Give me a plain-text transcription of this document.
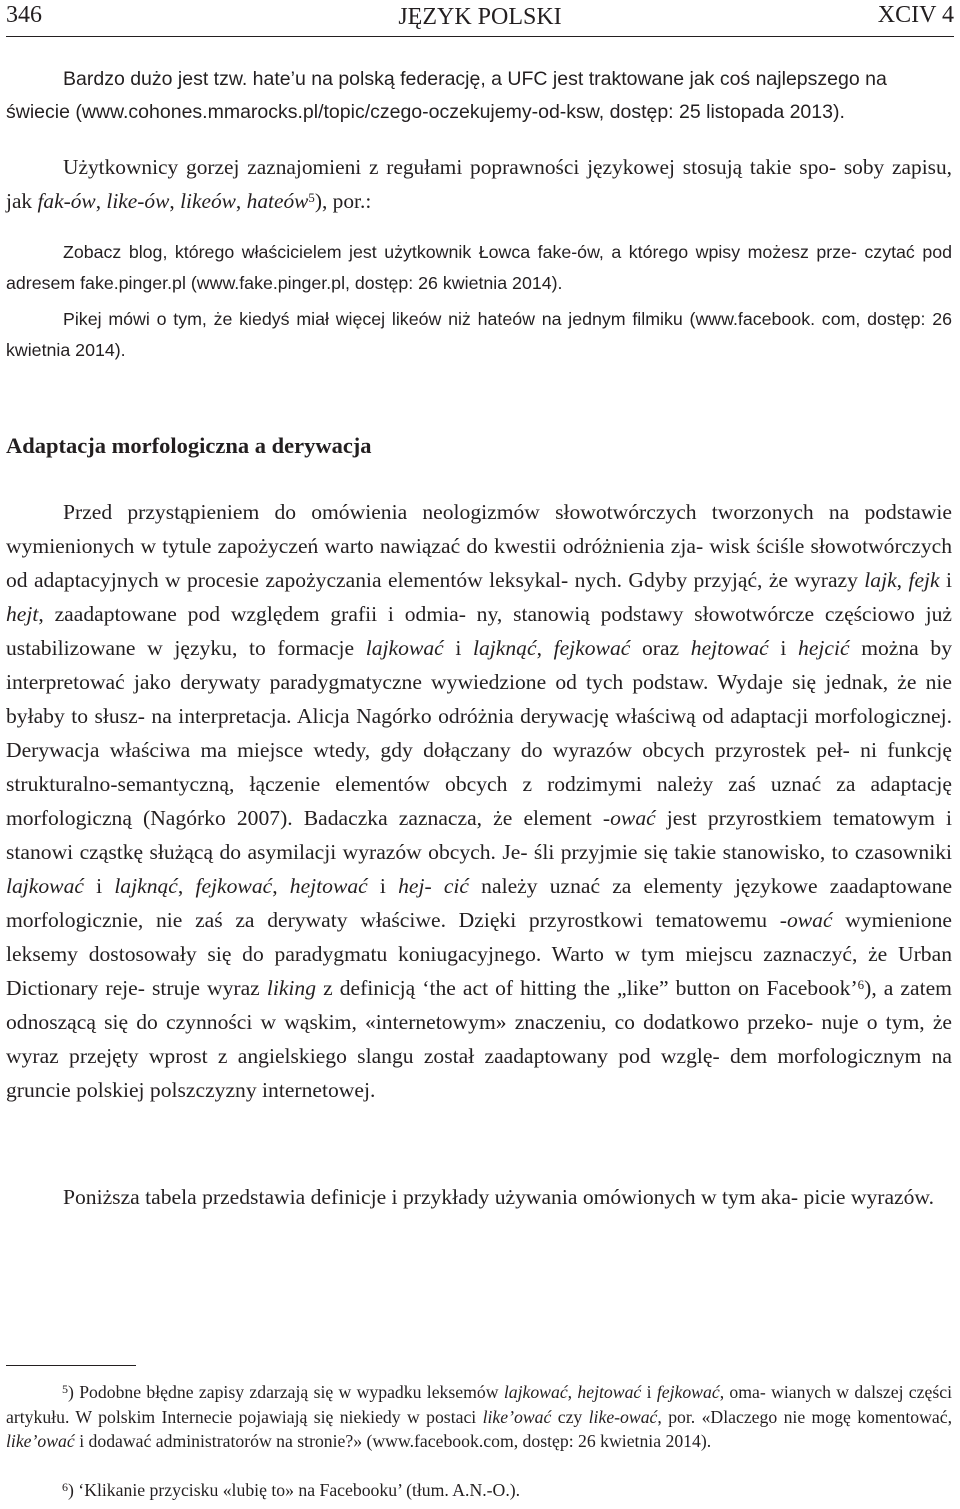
346	JĘZYK POLSKI	XCIV 4
Bardzo dużo jest tzw. hate’u na polską federację, a UFC jest traktowane jak coś najlepszego na
świecie (www.cohones.mmarocks.pl/topic/czego-oczekujemy-od-ksw, dostęp: 25 listopada 2013).

Użytkownicy gorzej zaznajomieni z regułami poprawności językowej stosują takie spo- soby zapisu, jak fak-ów, like-ów, likeów, hateów$^5$), por.:

Zobacz blog, którego właścicielem jest użytkownik Łowca fake-ów, a którego wpisy możesz prze- czytać pod adresem fake.pinger.pl (www.fake.pinger.pl, dostęp: 26 kwietnia 2014).

Pikej mówi o tym, że kiedyś miał więcej likeów niż hateów na jednym filmiku (www.facebook. com, dostęp: 26 kwietnia 2014).

Adaptacja morfologiczna a derywacja

Przed przystąpieniem do omówienia neologizmów słowotwórczych tworzonych na podstawie wymienionych w tytule zapożyczeń warto nawiązać do kwestii odróżnienia zja- wisk ściśle słowotwórczych od adaptacyjnych w procesie zapożyczania elementów leksykal- nych. Gdyby przyjąć, że wyrazy lajk, fejk i hejt, zaadaptowane pod względem grafii i odmia- ny, stanowią podstawy słowotwórcze częściowo już ustabilizowane w języku, to formacje lajkować i lajknąć, fejkować oraz hejtować i hejcić można by interpretować jako derywaty paradygmatyczne wywiedzione od tych podstaw. Wydaje się jednak, że nie byłaby to słusz- na interpretacja. Alicja Nagórko odróżnia derywację właściwą od adaptacji morfologicznej. Derywacja właściwa ma miejsce wtedy, gdy dołączany do wyrazów obcych przyrostek peł- ni funkcję strukturalno-semantyczną, łączenie elementów obcych z rodzimymi należy zaś uznać za adaptację morfologiczną (Nagórko 2007). Badaczka zaznacza, że element -ować jest przyrostkiem tematowym i stanowi cząstkę służącą do asymilacji wyrazów obcych. Je- śli przyjmie się takie stanowisko, to czasowniki lajkować i lajknąć, fejkować, hejtować i hej- cić należy uznać za elementy językowe zaadaptowane morfologicznie, nie zaś za derywaty właściwe. Dzięki przyrostkowi tematowemu -ować wymienione leksemy dostosowały się do paradygmatu koniugacyjnego. Warto w tym miejscu zaznaczyć, że Urban Dictionary reje- struje wyraz liking z definicją ‘the act of hitting the „like” button on Facebook’$^6$), a zatem odnoszącą się do czynności w wąskim, «internetowym» znaczeniu, co dodatkowo przeko- nuje o tym, że wyraz przejęty wprost z angielskiego slangu został zaadaptowany pod wzglę- dem morfologicznym na gruncie polskiej polszczyzny internetowej.

Poniższa tabela przedstawia definicje i przykłady używania omówionych w tym aka- picie wyrazów.

$^5$) Podobne błędne zapisy zdarzają się w wypadku leksemów lajkować, hejtować i fejkować, oma- wianych w dalszej części artykułu. W polskim Internecie pojawiają się niekiedy w postaci like’ować czy like-ować, por. «Dlaczego nie mogę komentować, like’ować i dodawać administratorów na stronie?» (www.facebook.com, dostęp: 26 kwietnia 2014).

$^6$) ‘Klikanie przycisku «lubię to» na Facebooku’ (tłum. A.N.-O.).
